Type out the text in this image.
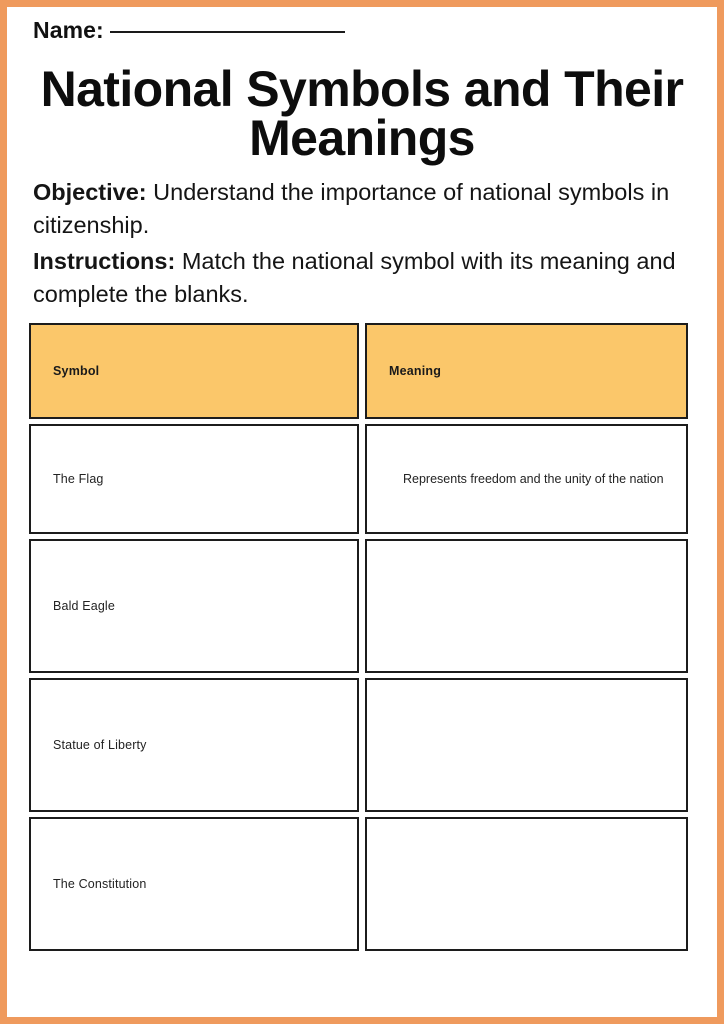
Name:
National Symbols and Their Meanings

Objective: Understand the importance of national symbols in citizenship.

Instructions: Match the national symbol with its meaning and complete the blanks.

Symbol	Meaning
The Flag	Represents freedom and the unity of the nation
Bald Eagle
Statue of Liberty
The Constitution
